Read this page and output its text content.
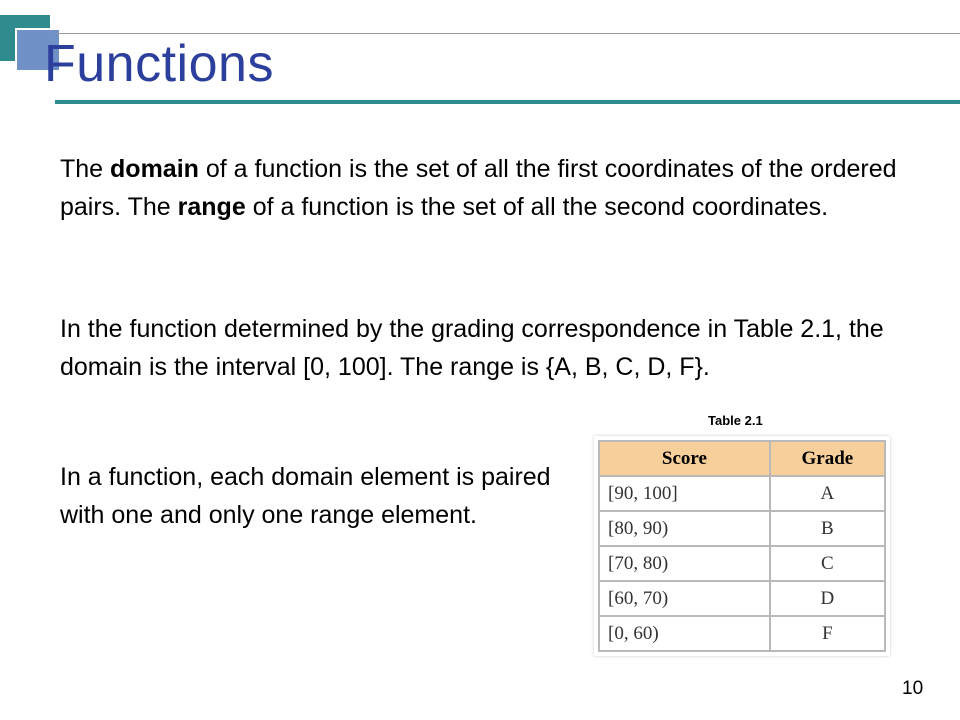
Functions

The domain of a function is the set of all the first coordinates of the ordered pairs. The range of a function is the set of all the second coordinates.

In the function determined by the grading correspondence in Table 2.1, the domain is the interval [0, 100]. The range is {A, B, C, D, F}.

In a function, each domain element is paired with one and only one range element.

Table 2.1
Score	Grade
[90, 100]	A
[80, 90)	B
[70, 80)	C
[60, 70)	D
[0, 60)	F
10
